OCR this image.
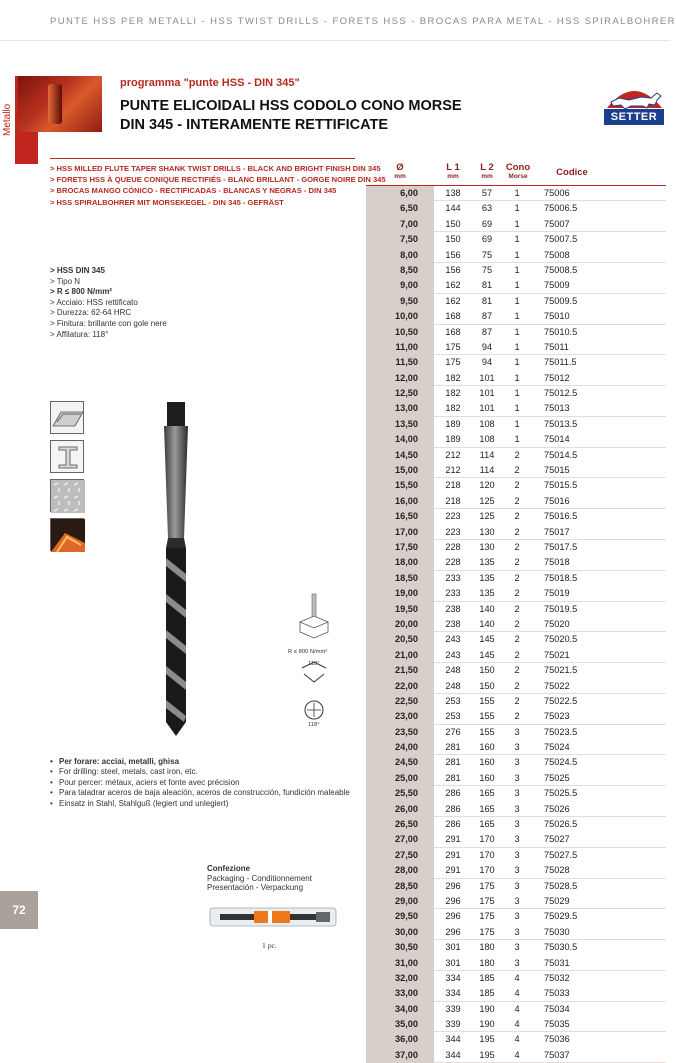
PUNTE HSS PER METALLI - HSS TWIST DRILLS - FORETS HSS - BROCAS PARA METAL - HSS SPIRALBOHRER
Metallo
programma "punte HSS - DIN 345"
PUNTE ELICOIDALI HSS CODOLO CONO MORSE
DIN 345 - INTERAMENTE RETTIFICATE	SETTER
> HSS MILLED FLUTE TAPER SHANK TWIST DRILLS - BLACK AND BRIGHT FINISH DIN 345
> FORETS HSS À QUEUE CONIQUE RECTIFIÉS - BLANC BRILLANT - GORGE NOIRE DIN 345
> BROCAS MANGO CÓNICO - RECTIFICADAS - BLANCAS Y NEGRAS - DIN 345
> HSS SPIRALBOHRER MIT MORSEKEGEL - DIN 345 - GEFRÄST
> HSS DIN 345
> Tipo N
> R ≤ 800 N/mm²
> Acciaio: HSS rettificato
> Durezza: 62-64 HRC
> Finitura: brillante con gole nere
> Affilatura: 118°
R ≤ 800 N/mm²
118°
118°
• Per forare: acciai, metalli, ghisa
• For drilling: steel, metals, cast iron, etc.
• Pour percer: métaux, aciers et fonte avec précision
• Para taladrar aceros de baja aleación, aceros de construcción, fundición maleable
• Einsatz in Stahl, Stahlguß (legiert und unlegiert)
Confezione
Packaging - Conditionnement
Presentación - Verpackung
1 pc.
72
Ø
mm
L 1
mm
L 2
mm
Cono
Morse	Codice
6,00	138	57	1	75006
6,50	144	63	1	75006.5
7,00	150	69	1	75007
7,50	150	69	1	75007.5
8,00	156	75	1	75008
8,50	156	75	1	75008.5
9,00	162	81	1	75009
9,50	162	81	1	75009.5
10,00	168	87	1	75010
10,50	168	87	1	75010.5
11,00	175	94	1	75011
11,50	175	94	1	75011.5
12,00	182	101	1	75012
12,50	182	101	1	75012.5
13,00	182	101	1	75013
13,50	189	108	1	75013.5
14,00	189	108	1	75014
14,50	212	114	2	75014.5
15,00	212	114	2	75015
15,50	218	120	2	75015.5
16,00	218	125	2	75016
16,50	223	125	2	75016.5
17,00	223	130	2	75017
17,50	228	130	2	75017.5
18,00	228	135	2	75018
18,50	233	135	2	75018.5
19,00	233	135	2	75019
19,50	238	140	2	75019.5
20,00	238	140	2	75020
20,50	243	145	2	75020.5
21,00	243	145	2	75021
21,50	248	150	2	75021.5
22,00	248	150	2	75022
22,50	253	155	2	75022.5
23,00	253	155	2	75023
23,50	276	155	3	75023.5
24,00	281	160	3	75024
24,50	281	160	3	75024.5
25,00	281	160	3	75025
25,50	286	165	3	75025.5
26,00	286	165	3	75026
26,50	286	165	3	75026.5
27,00	291	170	3	75027
27,50	291	170	3	75027.5
28,00	291	170	3	75028
28,50	296	175	3	75028.5
29,00	296	175	3	75029
29,50	296	175	3	75029.5
30,00	296	175	3	75030
30,50	301	180	3	75030.5
31,00	301	180	3	75031
32,00	334	185	4	75032
33,00	334	185	4	75033
34,00	339	190	4	75034
35,00	339	190	4	75035
36,00	344	195	4	75036
37,00	344	195	4	75037
